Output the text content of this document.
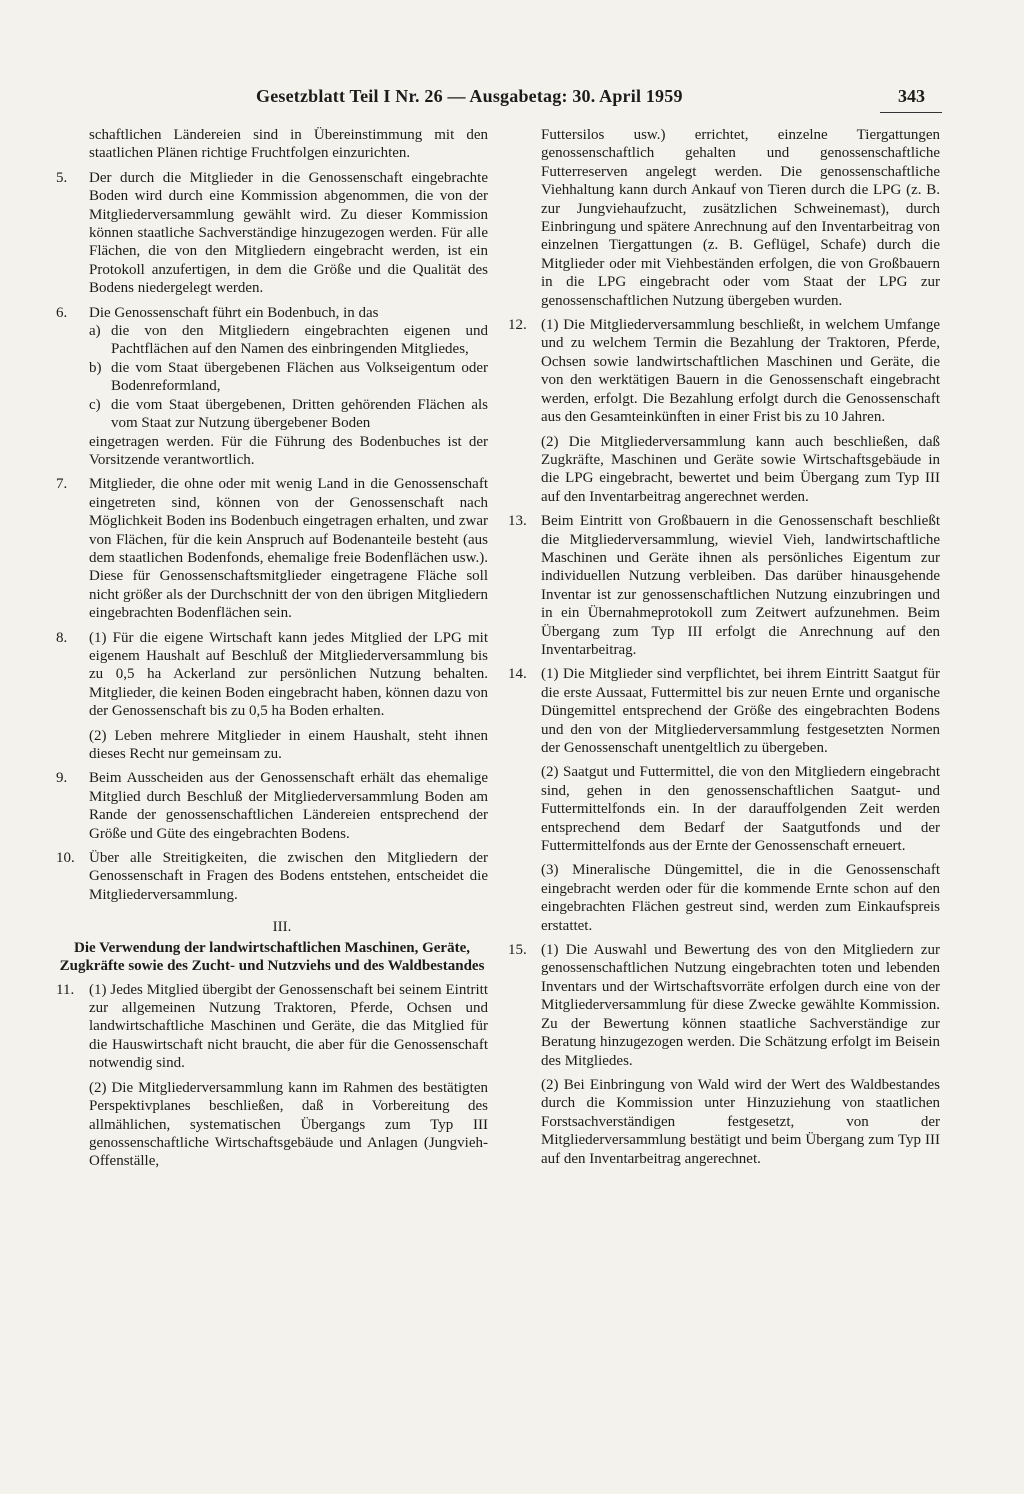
Gesetzblatt Teil I Nr. 26 — Ausgabetag: 30. April 1959	343
schaftlichen Ländereien sind in Übereinstimmung mit den staatlichen Plänen richtige Fruchtfolgen einzurichten.
5. Der durch die Mitglieder in die Genossenschaft eingebrachte Boden wird durch eine Kommission abgenommen, die von der Mitgliederversammlung gewählt wird. Zu dieser Kommission können staatliche Sachverständige hinzugezogen werden. Für alle Flächen, die von den Mitgliedern eingebracht werden, ist ein Protokoll anzufertigen, in dem die Größe und die Qualität des Bodens niedergelegt werden.
6. Die Genossenschaft führt ein Bodenbuch, in das
a) die von den Mitgliedern eingebrachten eigenen und Pachtflächen auf den Namen des einbringenden Mitgliedes,
b) die vom Staat übergebenen Flächen aus Volkseigentum oder Bodenreformland,
c) die vom Staat übergebenen, Dritten gehörenden Flächen als vom Staat zur Nutzung übergebener Boden
eingetragen werden. Für die Führung des Bodenbuches ist der Vorsitzende verantwortlich.
7. Mitglieder, die ohne oder mit wenig Land in die Genossenschaft eingetreten sind, können von der Genossenschaft nach Möglichkeit Boden ins Bodenbuch eingetragen erhalten, und zwar von Flächen, für die kein Anspruch auf Bodenanteile besteht (aus dem staatlichen Bodenfonds, ehemalige freie Bodenflächen usw.). Diese für Genossenschaftsmitglieder eingetragene Fläche soll nicht größer als der Durchschnitt der von den übrigen Mitgliedern eingebrachten Bodenflächen sein.
8. (1) Für die eigene Wirtschaft kann jedes Mitglied der LPG mit eigenem Haushalt auf Beschluß der Mitgliederversammlung bis zu 0,5 ha Ackerland zur persönlichen Nutzung behalten. Mitglieder, die keinen Boden eingebracht haben, können dazu von der Genossenschaft bis zu 0,5 ha Boden erhalten.
(2) Leben mehrere Mitglieder in einem Haushalt, steht ihnen dieses Recht nur gemeinsam zu.
9. Beim Ausscheiden aus der Genossenschaft erhält das ehemalige Mitglied durch Beschluß der Mitgliederversammlung Boden am Rande der genossenschaftlichen Ländereien entsprechend der Größe und Güte des eingebrachten Bodens.
10. Über alle Streitigkeiten, die zwischen den Mitgliedern der Genossenschaft in Fragen des Bodens entstehen, entscheidet die Mitgliederversammlung.
III.
Die Verwendung der landwirtschaftlichen Maschinen, Geräte, Zugkräfte sowie des Zucht- und Nutzviehs und des Waldbestandes
11. (1) Jedes Mitglied übergibt der Genossenschaft bei seinem Eintritt zur allgemeinen Nutzung Traktoren, Pferde, Ochsen und landwirtschaftliche Maschinen und Geräte, die das Mitglied für die Hauswirtschaft nicht braucht, die aber für die Genossenschaft notwendig sind.
(2) Die Mitgliederversammlung kann im Rahmen des bestätigten Perspektivplanes beschließen, daß in Vorbereitung des allmählichen, systematischen Übergangs zum Typ III genossenschaftliche Wirtschaftsgebäude und Anlagen (Jungvieh-Offenställe,
Futtersilos usw.) errichtet, einzelne Tiergattungen genossenschaftlich gehalten und genossenschaftliche Futterreserven angelegt werden. Die genossenschaftliche Viehhaltung kann durch Ankauf von Tieren durch die LPG (z. B. zur Jungviehaufzucht, zusätzlichen Schweinemast), durch Einbringung und spätere Anrechnung auf den Inventarbeitrag von einzelnen Tiergattungen (z. B. Geflügel, Schafe) durch die Mitglieder oder mit Viehbeständen erfolgen, die von Großbauern in die LPG eingebracht oder vom Staat der LPG zur genossenschaftlichen Nutzung übergeben wurden.
12. (1) Die Mitgliederversammlung beschließt, in welchem Umfange und zu welchem Termin die Bezahlung der Traktoren, Pferde, Ochsen sowie landwirtschaftlichen Maschinen und Geräte, die von den werktätigen Bauern in die Genossenschaft eingebracht werden, erfolgt. Die Bezahlung erfolgt durch die Genossenschaft aus den Gesamteinkünften in einer Frist bis zu 10 Jahren.
(2) Die Mitgliederversammlung kann auch beschließen, daß Zugkräfte, Maschinen und Geräte sowie Wirtschaftsgebäude in die LPG eingebracht, bewertet und beim Übergang zum Typ III auf den Inventarbeitrag angerechnet werden.
13. Beim Eintritt von Großbauern in die Genossenschaft beschließt die Mitgliederversammlung, wieviel Vieh, landwirtschaftliche Maschinen und Geräte ihnen als persönliches Eigentum zur individuellen Nutzung verbleiben. Das darüber hinausgehende Inventar ist zur genossenschaftlichen Nutzung einzubringen und in ein Übernahmeprotokoll zum Zeitwert aufzunehmen. Beim Übergang zum Typ III erfolgt die Anrechnung auf den Inventarbeitrag.
14. (1) Die Mitglieder sind verpflichtet, bei ihrem Eintritt Saatgut für die erste Aussaat, Futtermittel bis zur neuen Ernte und organische Düngemittel entsprechend der Größe des eingebrachten Bodens und den von der Mitgliederversammlung festgesetzten Normen der Genossenschaft unentgeltlich zu übergeben.
(2) Saatgut und Futtermittel, die von den Mitgliedern eingebracht sind, gehen in den genossenschaftlichen Saatgut- und Futtermittelfonds ein. In der darauffolgenden Zeit werden entsprechend dem Bedarf der Saatgutfonds und der Futtermittelfonds aus der Ernte der Genossenschaft erneuert.
(3) Mineralische Düngemittel, die in die Genossenschaft eingebracht werden oder für die kommende Ernte schon auf den eingebrachten Flächen gestreut sind, werden zum Einkaufspreis erstattet.
15. (1) Die Auswahl und Bewertung des von den Mitgliedern zur genossenschaftlichen Nutzung eingebrachten toten und lebenden Inventars und der Wirtschaftsvorräte erfolgen durch eine von der Mitgliederversammlung für diese Zwecke gewählte Kommission. Zu der Bewertung können staatliche Sachverständige zur Beratung hinzugezogen werden. Die Schätzung erfolgt im Beisein des Mitgliedes.
(2) Bei Einbringung von Wald wird der Wert des Waldbestandes durch die Kommission unter Hinzuziehung von staatlichen Forstsachverständigen festgesetzt, von der Mitgliederversammlung bestätigt und beim Übergang zum Typ III auf den Inventarbeitrag angerechnet.
